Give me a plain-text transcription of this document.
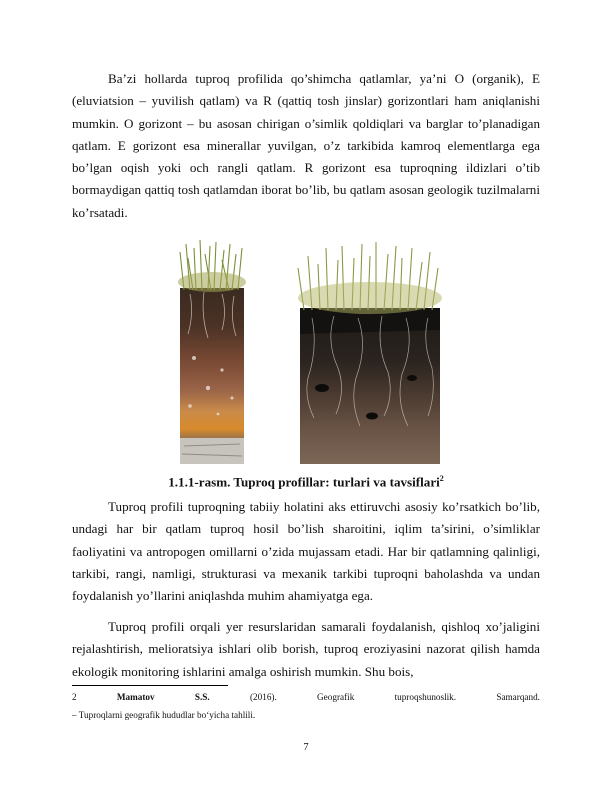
Ba’zi hollarda tuproq profilida qo’shimcha qatlamlar, ya’ni O (organik), E (eluviatsion – yuvilish qatlam) va R (qattiq tosh jinslar) gorizontlari ham aniqlanishi mumkin. O gorizont – bu asosan chirigan o’simlik qoldiqlari va barglar to’planadigan qatlam. E gorizont esa minerallar yuvilgan, o’z tarkibida kamroq elementlarga ega bo’lgan oqish yoki och rangli qatlam. R gorizont esa tuproqning ildizlari o’tib bormaydigan qattiq tosh qatlamdan iborat bo’lib, bu qatlam asosan geologik tuzilmalarni ko’rsatadi.

1.1.1-rasm. Tuproq profillar: turlari va tavsiflari$^2$

Tuproq profili tuproqning tabiiy holatini aks ettiruvchi asosiy ko’rsatkich bo’lib, undagi har bir qatlam tuproq hosil bo’lish sharoitini, iqlim ta’sirini, o’simliklar faoliyatini va antropogen omillarni o’zida mujassam etadi. Har bir qatlamning qalinligi, tarkibi, rangi, namligi, strukturasi va mexanik tarkibi tuproqni baholashda va undan foydalanish yo’llarini aniqlashda muhim ahamiyatga ega.

Tuproq profili orqali yer resurslaridan samarali foydalanish, qishloq xo’jaligini rejalashtirish, melioratsiya ishlari olib borish, tuproq eroziyasini nazorat qilish hamda ekologik monitoring ishlarini amalga oshirish mumkin. Shu bois,

2	Mamatov	S.S.	(2016).	Geografik	tuproqshunoslik.	Samarqand.
– Tuproqlarni geografik hududlar bo‘yicha tahlili.
7
